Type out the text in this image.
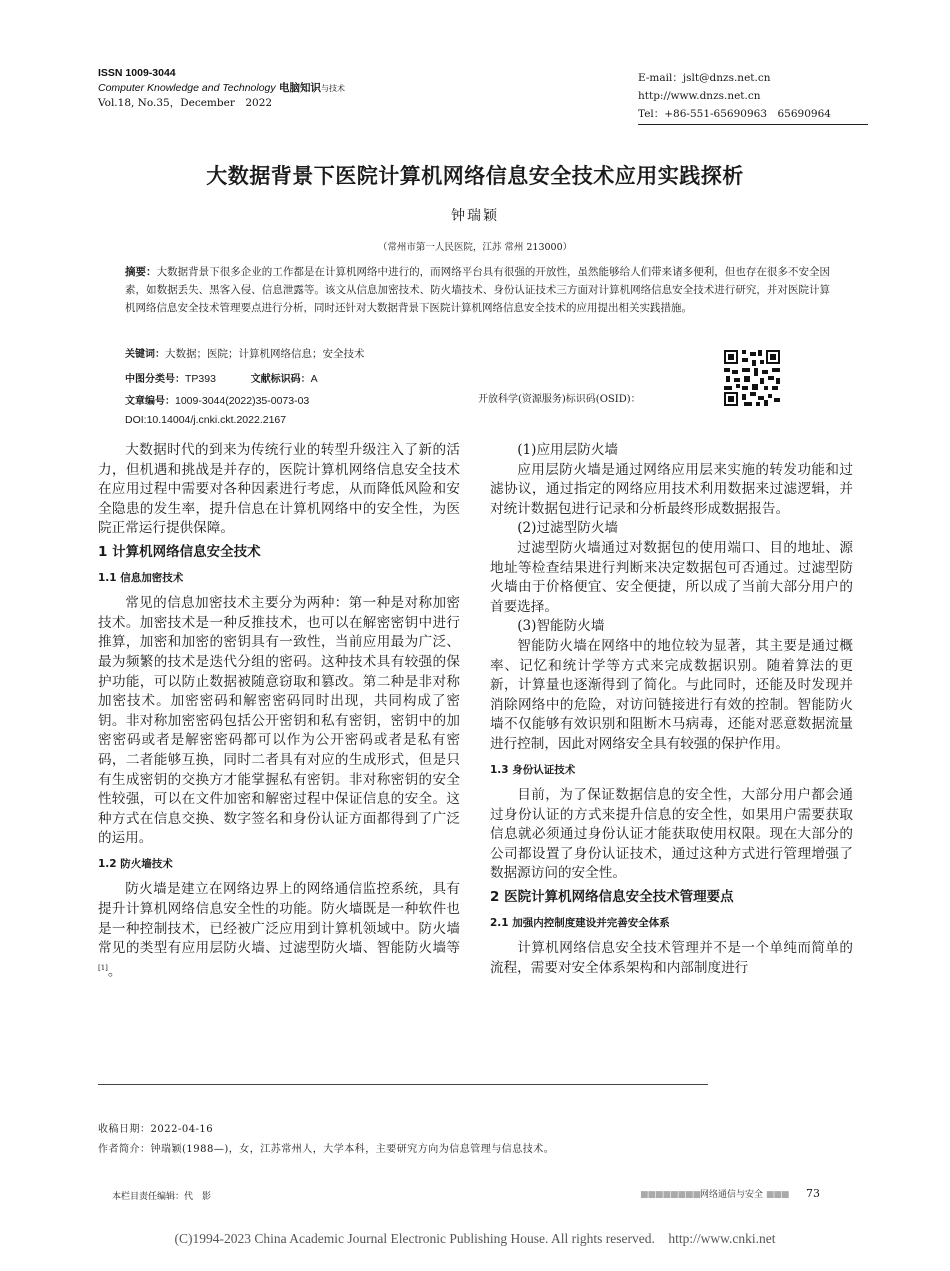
ISSN 1009-3044
Computer Knowledge and Technology 电脑知识与技术
Vol.18, No.35，December　2022
E-mail：jslt@dnzs.net.cn
http://www.dnzs.net.cn
Tel：+86-551-65690963　65690964
大数据背景下医院计算机网络信息安全技术应用实践探析
钟瑞颖
（常州市第一人民医院，江苏 常州 213000）
摘要：大数据背景下很多企业的工作都是在计算机网络中进行的，而网络平台具有很强的开放性，虽然能够给人们带来诸多便利，但也存在很多不安全因素，如数据丢失、黑客入侵、信息泄露等。该文从信息加密技术、防火墙技术、身份认证技术三方面对计算机网络信息安全技术进行研究，并对医院计算机网络信息安全技术管理要点进行分析，同时还针对大数据背景下医院计算机网络信息安全技术的应用提出相关实践措施。
关键词：大数据；医院；计算机网络信息；安全技术
中图分类号：TP393	文献标识码：A
文章编号：1009-3044(2022)35-0073-03
DOI:10.14004/j.cnki.ckt.2022.2167
开放科学(资源服务)标识码(OSID)：

大数据时代的到来为传统行业的转型升级注入了新的活力，但机遇和挑战是并存的，医院计算机网络信息安全技术在应用过程中需要对各种因素进行考虑，从而降低风险和安全隐患的发生率，提升信息在计算机网络中的安全性，为医院正常运行提供保障。

1 计算机网络信息安全技术
1.1 信息加密技术

常见的信息加密技术主要分为两种：第一种是对称加密技术。加密技术是一种反推技术，也可以在解密密钥中进行推算，加密和加密的密钥具有一致性，当前应用最为广泛、最为频繁的技术是迭代分组的密码。这种技术具有较强的保护功能，可以防止数据被随意窃取和篡改。第二种是非对称加密技术。加密密码和解密密码同时出现，共同构成了密钥。非对称加密密码包括公开密钥和私有密钥，密钥中的加密密码或者是解密密码都可以作为公开密码或者是私有密码，二者能够互换，同时二者具有对应的生成形式，但是只有生成密钥的交换方才能掌握私有密钥。非对称密钥的安全性较强，可以在文件加密和解密过程中保证信息的安全。这种方式在信息交换、数字签名和身份认证方面都得到了广泛的运用。

1.2 防火墙技术

防火墙是建立在网络边界上的网络通信监控系统，具有提升计算机网络信息安全性的功能。防火墙既是一种软件也是一种控制技术，已经被广泛应用到计算机领域中。防火墙常见的类型有应用层防火墙、过滤型防火墙、智能防火墙等[1]。

(1)应用层防火墙

应用层防火墙是通过网络应用层来实施的转发功能和过滤协议，通过指定的网络应用技术利用数据来过滤逻辑，并对统计数据包进行记录和分析最终形成数据报告。

(2)过滤型防火墙

过滤型防火墙通过对数据包的使用端口、目的地址、源地址等检查结果进行判断来决定数据包可否通过。过滤型防火墙由于价格便宜、安全便捷，所以成了当前大部分用户的首要选择。

(3)智能防火墙

智能防火墙在网络中的地位较为显著，其主要是通过概率、记忆和统计学等方式来完成数据识别。随着算法的更新，计算量也逐渐得到了简化。与此同时，还能及时发现并消除网络中的危险，对访问链接进行有效的控制。智能防火墙不仅能够有效识别和阻断木马病毒，还能对恶意数据流量进行控制，因此对网络安全具有较强的保护作用。

1.3 身份认证技术

目前，为了保证数据信息的安全性，大部分用户都会通过身份认证的方式来提升信息的安全性，如果用户需要获取信息就必须通过身份认证才能获取使用权限。现在大部分的公司都设置了身份认证技术，通过这种方式进行管理增强了数据源访问的安全性。

2 医院计算机网络信息安全技术管理要点
2.1 加强内控制度建设并完善安全体系

计算机网络信息安全技术管理并不是一个单纯而简单的流程，需要对安全体系架构和内部制度进行

收稿日期：2022-04-16
作者简介：钟瑞颖(1988—)，女，江苏常州人，大学本科，主要研究方向为信息管理与信息技术。
本栏目责任编辑：代　影	■■■■■■■■网络通信与安全 ■■■ 73
(C)1994-2023 China Academic Journal Electronic Publishing House. All rights reserved.　http://www.cnki.net
